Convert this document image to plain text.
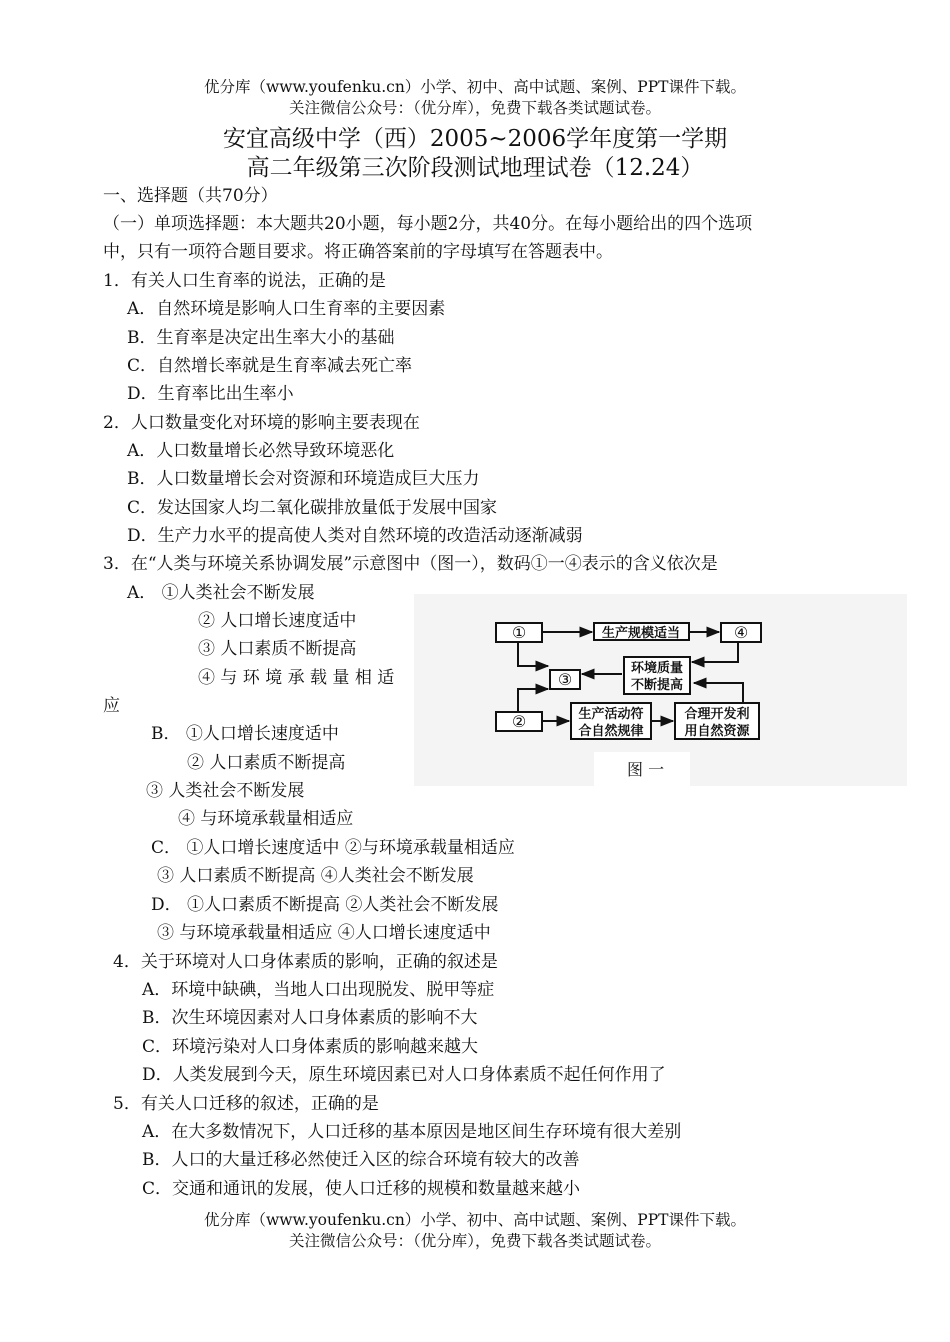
优分库（www.youfenku.cn）小学、初中、高中试题、案例、PPT课件下载。
关注微信公众号：（优分库），免费下载各类试题试卷。
安宜高级中学（西）2005~2006学年度第一学期
高二年级第三次阶段测试地理试卷（12.24）
一、选择题（共70分）
（一）单项选择题：本大题共20小题，每小题2分，共40分。在每小题给出的四个选项
中，只有一项符合题目要求。将正确答案前的字母填写在答题表中。
1．有关人口生育率的说法，正确的是
A．自然环境是影响人口生育率的主要因素
B．生育率是决定出生率大小的基础
C．自然增长率就是生育率减去死亡率
D．生育率比出生率小
2．人口数量变化对环境的影响主要表现在
A．人口数量增长必然导致环境恶化
B．人口数量增长会对资源和环境造成巨大压力
C．发达国家人均二氧化碳排放量低于发展中国家
D．生产力水平的提高使人类对自然环境的改造活动逐渐减弱
3．在“人类与环境关系协调发展”示意图中（图一），数码①一④表示的含义依次是
A． ①人类社会不断发展
② 人口增长速度适中
③ 人口素质不断提高
④ 与 环 境 承 载 量 相 适
应
B． ①人口增长速度适中
② 人口素质不断提高
③ 人类社会不断发展
④ 与环境承载量相适应
C． ①人口增长速度适中 ②与环境承载量相适应
③ 人口素质不断提高 ④人类社会不断发展
D． ①人口素质不断提高 ②人类社会不断发展
③ 与环境承载量相适应 ④人口增长速度适中
①	生产规模适当	④
环境质量
不断提高
③
②	生产活动符
合自然规律
合理开发利
用自然资源
图 一
4．关于环境对人口身体素质的影响，正确的叙述是
A．环境中缺碘，当地人口出现脱发、脱甲等症
B．次生环境因素对人口身体素质的影响不大
C．环境污染对人口身体素质的影响越来越大
D．人类发展到今天，原生环境因素已对人口身体素质不起任何作用了
5．有关人口迁移的叙述，正确的是
A．在大多数情况下，人口迁移的基本原因是地区间生存环境有很大差别
B．人口的大量迁移必然使迁入区的综合环境有较大的改善
C．交通和通讯的发展，使人口迁移的规模和数量越来越小
优分库（www.youfenku.cn）小学、初中、高中试题、案例、PPT课件下载。
关注微信公众号：（优分库），免费下载各类试题试卷。
